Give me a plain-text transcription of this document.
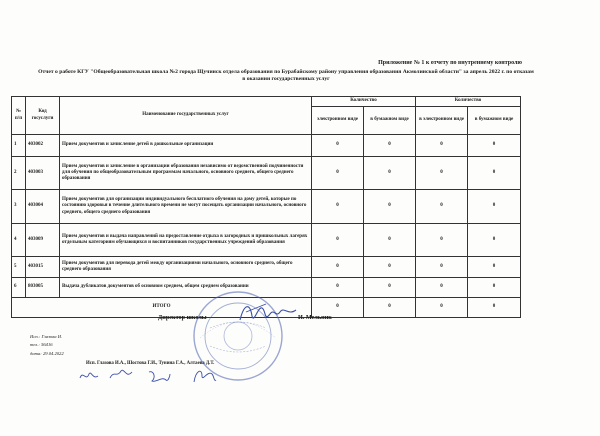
Приложение № 1 к отчету по внутреннему контролю
Отчет о работе КГУ "Общеобразовательная школа №2 города Щучинск отдела образования по Бурабайскому району управления образования Акмолинской области" за апрель 2022 г. по отказам в оказании государственных услуг
№ п/п	Код госуслуги	Наименование государственных услуг	Количество		Количество	
			электронном виде	в бумажном виде	в электронном виде	в бумажном виде
1	403002	Прием документов и зачисление детей в дошкольные организации	0	0	0	0
2	403003	Прием документов и зачисление в организации образования независимо от ведомственной подчиненности для обучения по общеобразовательным программам начального, основного среднего, общего среднего образования	0	0	0	0
3	403004	Прием документов для организации индивидуального бесплатного обучения на дому детей, которые по состоянию здоровья в течение длительного времени не могут посещать организации начального, основного среднего, общего среднего образования	0	0	0	0
4	403009	Прием документов и выдача направлений на предоставление отдыха в загородных и пришкольных лагерях отдельным категориям обучающихся и воспитанников государственных учреждений образования	0	0	0	0
5	403015	Прием документов для перевода детей между организациями начального, основного среднего, общего среднего образования	0	0	0	0
6	803005	Выдача дубликатов документов об основном среднем, общем среднем образовании	0	0	0	0
ИТОГО			0	0	0	0
Директор школы	И. Мельник
Исп.: Глазова И.
тел.: 56416
дата: 29.04.2022
Исп. Глазова И.А., Шостова Г.И., Тунина Г.А., Алтаева Д.Т.
